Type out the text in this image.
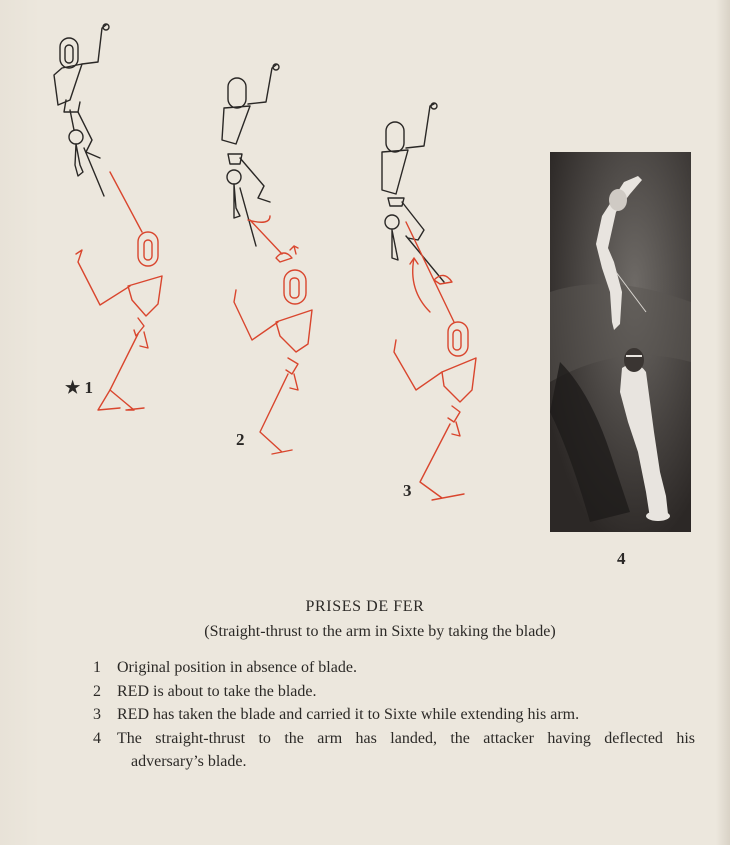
★ 1
2
3
4
PRISES DE FER
(Straight-thrust to the arm in Sixte by taking the blade)
1	Original position in absence of blade.
2	RED is about to take the blade.
3	RED has taken the blade and carried it to Sixte while extending his arm.
4	The straight-thrust to the arm has landed, the attacker having deflected his
adversary’s blade.
